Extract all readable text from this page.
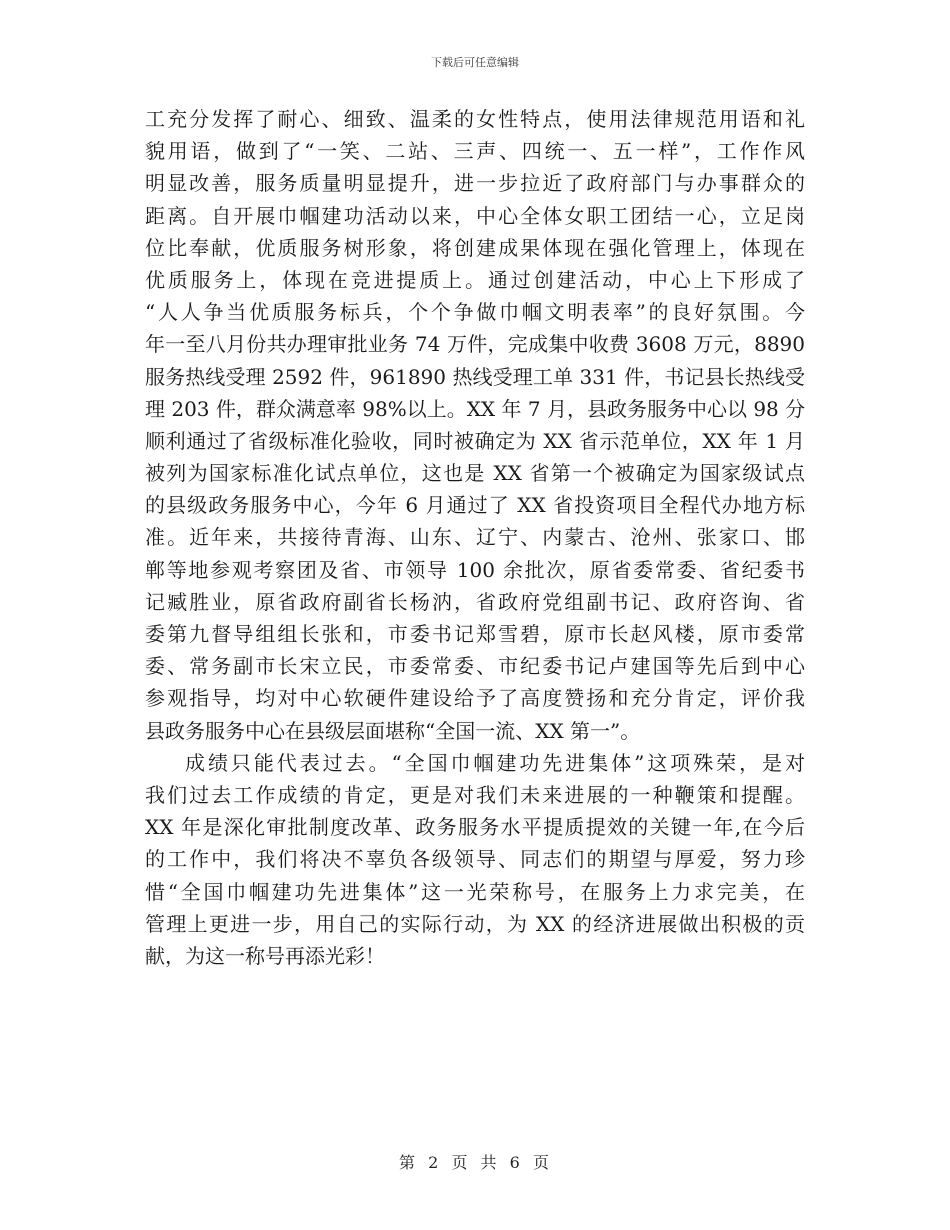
下载后可任意编辑
工充分发挥了耐心、细致、温柔的女性特点，使用法律规范用语和礼
貌用语，做到了“一笑、二站、三声、四统一、五一样”，工作作风
明显改善，服务质量明显提升，进一步拉近了政府部门与办事群众的
距离。自开展巾帼建功活动以来，中心全体女职工团结一心，立足岗
位比奉献，优质服务树形象，将创建成果体现在强化管理上，体现在
优质服务上，体现在竞进提质上。通过创建活动，中心上下形成了
“人人争当优质服务标兵，个个争做巾帼文明表率”的良好氛围。今
年一至八月份共办理审批业务 74 万件，完成集中收费 3608 万元，8890
服务热线受理 2592 件，961890 热线受理工单 331 件，书记县长热线受
理 203 件，群众满意率 98%以上。XX 年 7 月，县政务服务中心以 98 分
顺利通过了省级标准化验收，同时被确定为 XX 省示范单位，XX 年 1 月
被列为国家标准化试点单位，这也是 XX 省第一个被确定为国家级试点
的县级政务服务中心，今年 6 月通过了 XX 省投资项目全程代办地方标
准。近年来，共接待青海、山东、辽宁、内蒙古、沧州、张家口、邯
郸等地参观考察团及省、市领导 100 余批次，原省委常委、省纪委书
记臧胜业，原省政府副省长杨汭，省政府党组副书记、政府咨询、省
委第九督导组组长张和，市委书记郑雪碧，原市长赵风楼，原市委常
委、常务副市长宋立民，市委常委、市纪委书记卢建国等先后到中心
参观指导，均对中心软硬件建设给予了高度赞扬和充分肯定，评价我
县政务服务中心在县级层面堪称“全国一流、XX 第一”。
成绩只能代表过去。“全国巾帼建功先进集体”这项殊荣，是对
我们过去工作成绩的肯定，更是对我们未来进展的一种鞭策和提醒。
XX 年是深化审批制度改革、政务服务水平提质提效的关键一年,在今后
的工作中，我们将决不辜负各级领导、同志们的期望与厚爱，努力珍
惜“全国巾帼建功先进集体”这一光荣称号，在服务上力求完美，在
管理上更进一步，用自己的实际行动，为 XX 的经济进展做出积极的贡
献，为这一称号再添光彩！
第 2 页 共 6 页
